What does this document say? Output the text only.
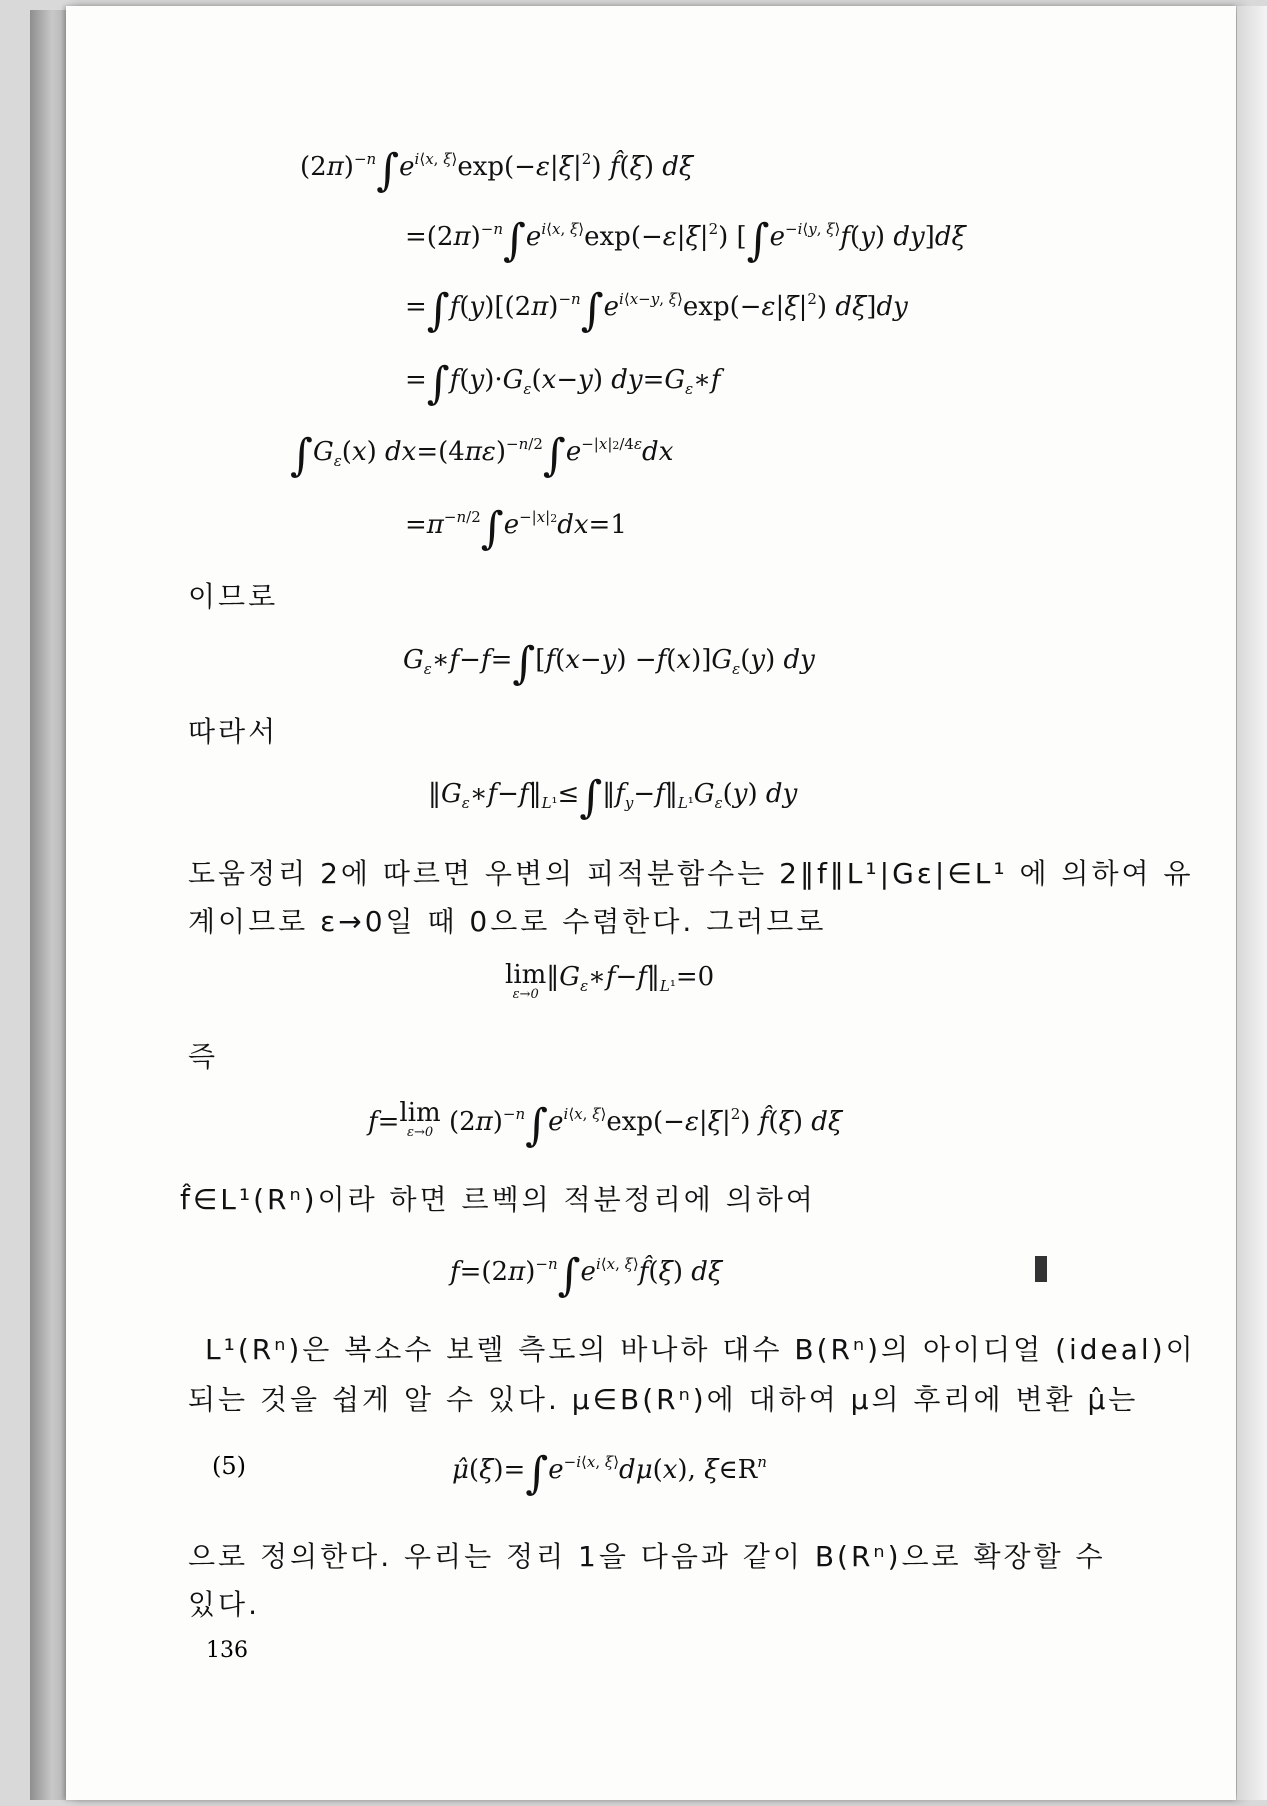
$(2\pi)^{-n}\int e^{i⟨x, \xi⟩}\exp(-\varepsilon|\xi|^2)$ f̂(ξ) dξ
$=(2\pi)^{-n}\int e^{i⟨x, \xi⟩}\exp(-\varepsilon|\xi|^2)$ [$\int e^{-i⟨y, \xi⟩}f(y)$ dy]dξ
$=\int f(y)[(2\pi)^{-n}\int e^{i⟨x-y, \xi⟩}\exp(-\varepsilon|\xi|^2)$ dξ]dy
$=\int f(y)\cdot G_\varepsilon(x-y)$ $dy=G_\varepsilon∗f$
$\int G_\varepsilon(x)$ $dx=(4\pi\varepsilon)^{-n/2}\int e^{-|x|2/4\varepsilon}dx$
$=\pi^{-n/2}\int e^{-|x|2}dx=1$
이므로
$G_\varepsilon∗f-f=\int[f(x-y) -f(x)]G_\varepsilon(y)$ dy
따라서
$‖G_\varepsilon∗f-f‖_{L^1}\le\int‖f_y-f‖_{L^1}G_\varepsilon(y)$ dy
도움정리 2에 따르면 우변의 피적분함수는 2‖f‖L¹|Gε|∈L¹ 에 의하여 유
계이므로 ε→0일 때 0으로 수렴한다. 그러므로
lim
ε→0
$‖G_\varepsilon∗f-f‖_{L^1}=0$
즉
f=lim
ε→0 $(2\pi)^{-n}\int e^{i⟨x, \xi⟩}\exp(-\varepsilon|\xi|^2)$ f̂(ξ) dξ
f̂∈L¹(Rⁿ)이라 하면 르벡의 적분정리에 의하여
$f=(2\pi)^{-n}\int e^{i⟨x, \xi⟩}f̂(\xi)$ dξ
L¹(Rⁿ)은 복소수 보렐 측도의 바나하 대수 B(Rⁿ)의 아이디얼 (ideal)이
되는 것을 쉽게 알 수 있다. μ∈B(Rⁿ)에 대하여 μ의 후리에 변환 μ̂는
(5)	$\mû(\xi)=\int e^{-i⟨x, \xi⟩}d\mu(x)$, $\xi\in R^n$
으로 정의한다. 우리는 정리 1을 다음과 같이 B(Rⁿ)으로 확장할 수
있다.
136
